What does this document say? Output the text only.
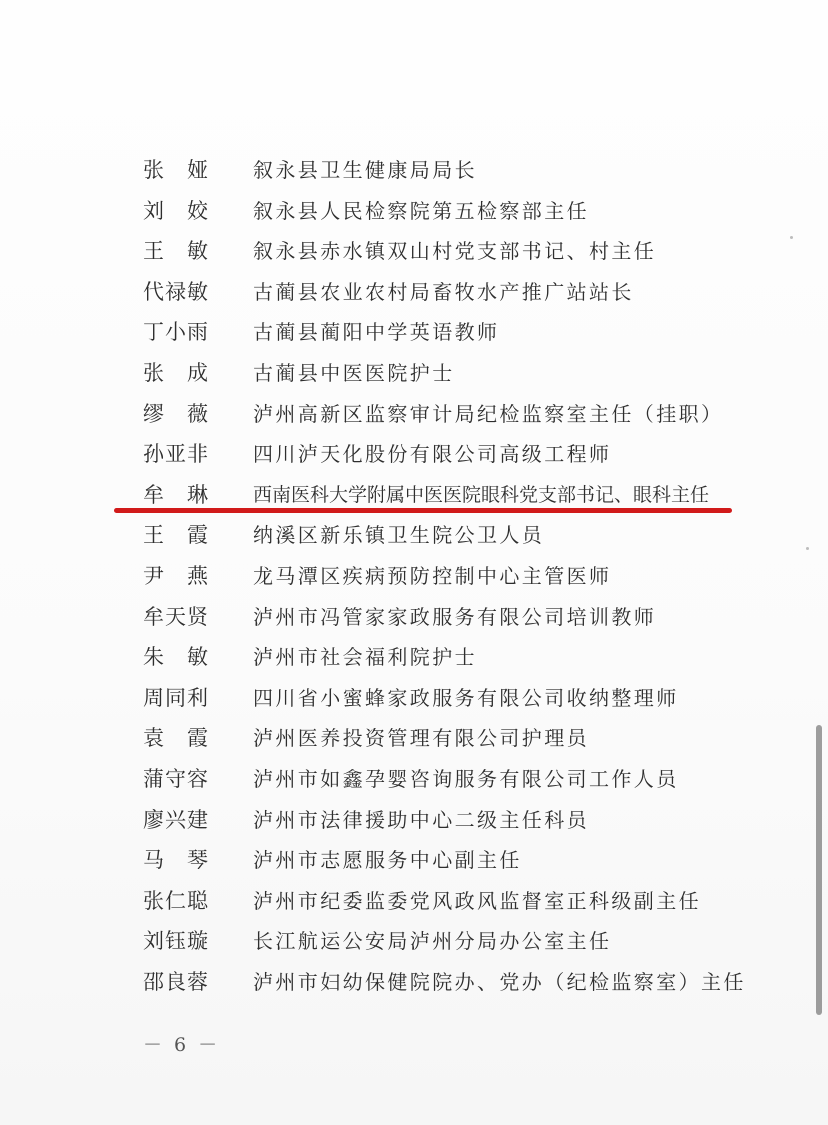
张　娅 叙永县卫生健康局局长
刘　姣 叙永县人民检察院第五检察部主任
王　敏 叙永县赤水镇双山村党支部书记、村主任
代禄敏 古蔺县农业农村局畜牧水产推广站站长
丁小雨 古蔺县蔺阳中学英语教师
张　成 古蔺县中医医院护士
缪　薇 泸州高新区监察审计局纪检监察室主任（挂职）
孙亚非 四川泸天化股份有限公司高级工程师
牟　琳 西南医科大学附属中医医院眼科党支部书记、眼科主任
王　霞 纳溪区新乐镇卫生院公卫人员
尹　燕 龙马潭区疾病预防控制中心主管医师
牟天贤 泸州市冯管家家政服务有限公司培训教师
朱　敏 泸州市社会福利院护士
周同利 四川省小蜜蜂家政服务有限公司收纳整理师
袁　霞 泸州医养投资管理有限公司护理员
蒲守容 泸州市如鑫孕婴咨询服务有限公司工作人员
廖兴建 泸州市法律援助中心二级主任科员
马　琴 泸州市志愿服务中心副主任
张仁聪 泸州市纪委监委党风政风监督室正科级副主任
刘钰璇 长江航运公安局泸州分局办公室主任
邵良蓉 泸州市妇幼保健院院办、党办（纪检监察室）主任
－ 6 －
